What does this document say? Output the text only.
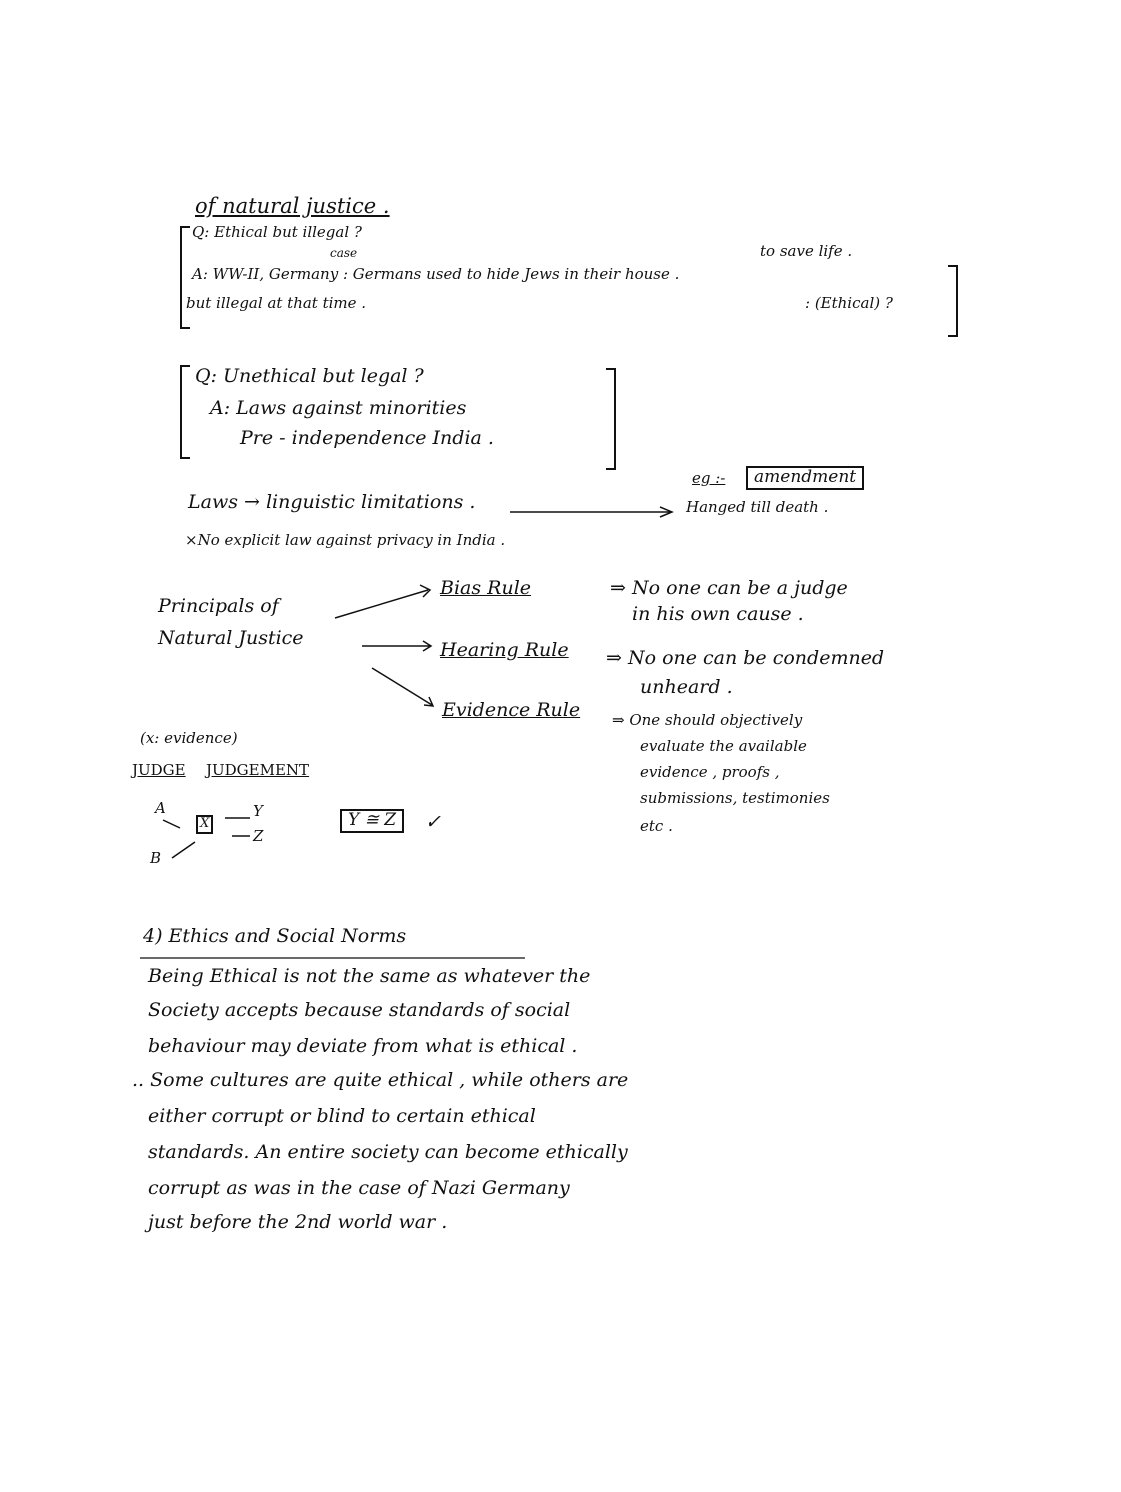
of natural justice .
Q: Ethical but illegal ?
case	to save life .
A: WW-II, Germany : Germans used to hide Jews in their house .
but illegal at that time .	: (Ethical) ?
Q: Unethical but legal ?
A: Laws against minorities
Pre - independence India .
Laws → linguistic limitations .
eg :-	amendment
Hanged till death .
×No explicit law against privacy in India .
Principals of
Natural Justice
Bias Rule	⇒ No one can be a judge
in his own cause .
Hearing Rule ⇒ No one can be condemned
unheard .
Evidence Rule ⇒ One should objectively
evaluate the available
evidence , proofs ,
submissions, testimonies
etc .
(x: evidence)
JUDGE JUDGEMENT
A
B
X
Y
Z
Y ≅ Z	✓
4) Ethics and Social Norms
Being Ethical is not the same as whatever the
Society accepts because standards of social
behaviour may deviate from what is ethical .
.. Some cultures are quite ethical , while others are
either corrupt or blind to certain ethical
standards. An entire society can become ethically
corrupt as was in the case of Nazi Germany
just before the 2nd world war .
